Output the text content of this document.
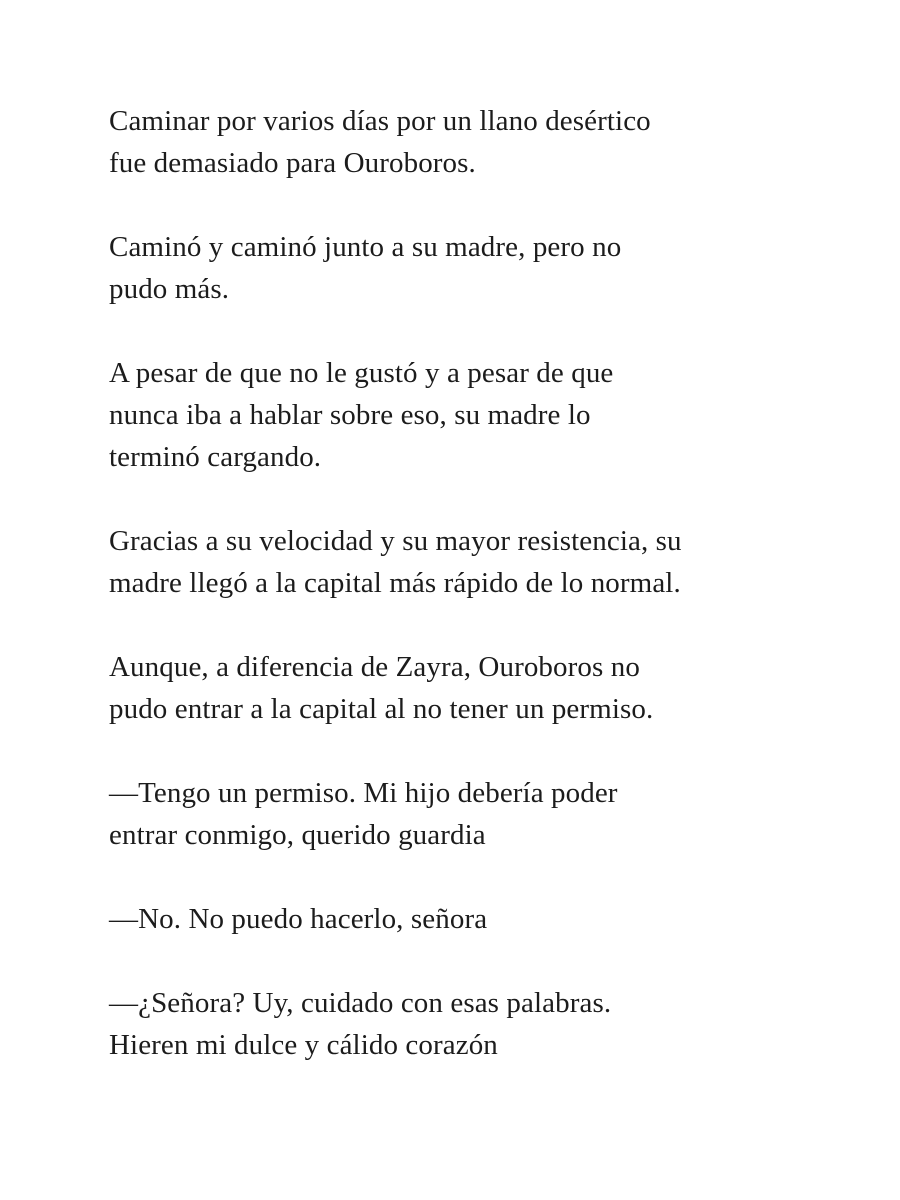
Caminar por varios días por un llano desértico
fue demasiado para Ouroboros.

Caminó y caminó junto a su madre, pero no
pudo más.

A pesar de que no le gustó y a pesar de que
nunca iba a hablar sobre eso, su madre lo
terminó cargando.

Gracias a su velocidad y su mayor resistencia, su
madre llegó a la capital más rápido de lo normal.

Aunque, a diferencia de Zayra, Ouroboros no
pudo entrar a la capital al no tener un permiso.

—Tengo un permiso. Mi hijo debería poder
entrar conmigo, querido guardia

—No. No puedo hacerlo, señora

—¿Señora? Uy, cuidado con esas palabras.
Hieren mi dulce y cálido corazón
